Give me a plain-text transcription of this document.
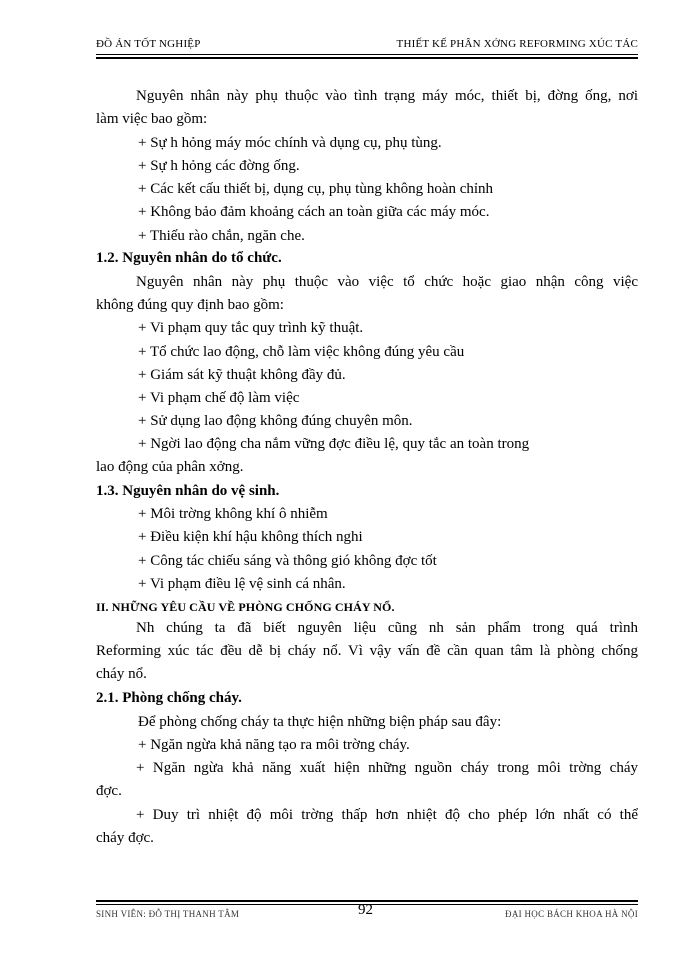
ĐỒ ÁN TỐT NGHIỆP	THIẾT KẾ PHÂN XỞNG REFORMING XÚC TÁC
Nguyên nhân này phụ thuộc vào tình trạng máy móc, thiết bị, đờng ống, nơi
làm việc bao gồm:
+ Sự h hỏng máy móc chính và dụng cụ, phụ tùng.
+ Sự h hỏng các đờng ống.
+ Các kết cấu thiết bị, dụng cụ, phụ tùng không hoàn chỉnh
+ Không bảo đảm khoảng cách an toàn giữa các máy móc.
+ Thiếu rào chắn, ngăn che.
1.2. Nguyên nhân do tổ chức.
Nguyên nhân này phụ thuộc vào việc tổ chức hoặc giao nhận công việc
không đúng quy định bao gồm:
+ Vi phạm quy tắc quy trình kỹ thuật.
+ Tổ chức lao động, chỗ làm việc không đúng yêu cầu
+ Giám sát kỹ thuật không đầy đủ.
+ Vi phạm chế độ làm việc
+ Sử dụng lao động không đúng chuyên môn.
+ Ngời lao động cha nắm vững đợc điều lệ, quy tắc an toàn trong
lao động của phân xởng.
1.3. Nguyên nhân do vệ sinh.
+ Môi trờng không khí ô nhiễm
+ Điều kiện khí hậu không thích nghi
+ Công tác chiếu sáng và thông gió không đợc tốt
+ Vi phạm điều lệ vệ sinh cá nhân.
II. NHỮNG YÊU CẦU VỀ PHÒNG CHỐNG CHÁY NỔ.
Nh chúng ta đã biết nguyên liệu cũng nh sản phẩm trong quá trình
Reforming xúc tác đều dễ bị cháy nổ. Vì vậy vấn đề cần quan tâm là phòng chống
cháy nổ.
2.1. Phòng chống cháy.
Để phòng chống cháy ta thực hiện những biện pháp sau đây:
+ Ngăn ngừa khả năng tạo ra môi trờng cháy.
+ Ngăn ngừa khả năng xuất hiện những nguồn cháy trong môi trờng cháy
đợc.
+ Duy trì nhiệt độ môi trờng thấp hơn nhiệt độ cho phép lớn nhất có thể
cháy đợc.
SINH VIÊN: ĐỖ THỊ THANH TÂM	92	ĐẠI HỌC BÁCH KHOA HÀ NỘI
